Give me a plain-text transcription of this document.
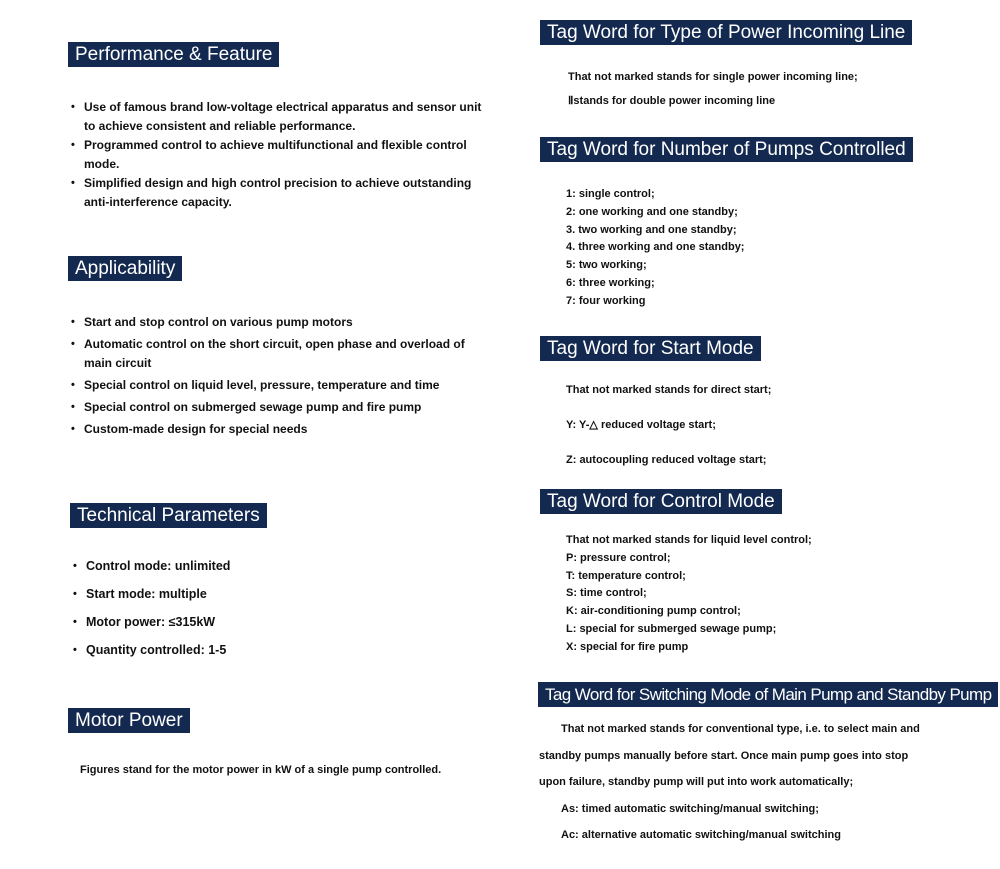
Performance & Feature
• Use of famous brand low-voltage electrical apparatus and sensor unit to achieve consistent and reliable performance.
• Programmed control to achieve multifunctional and flexible control mode.
• Simplified design and high control precision to achieve outstanding anti-interference capacity.
Applicability
• Start and stop control on various pump motors
• Automatic control on the short circuit, open phase and overload of main circuit
• Special control on liquid level, pressure, temperature and time
• Special control on submerged sewage pump and fire pump
• Custom-made design for special needs
Technical Parameters
• Control mode: unlimited
• Start mode: multiple
• Motor power: ≤315kW
• Quantity controlled: 1-5
Motor Power
Figures stand for the motor power in kW of a single pump controlled.
Tag Word for Type of Power Incoming Line
That not marked stands for single power incoming line;
Ⅱstands for double power incoming line
Tag Word for Number of Pumps Controlled
1: single control;
2: one working and one standby;
3. two working and one standby;
4. three working and one standby;
5: two working;
6: three working;
7: four working
Tag Word for Start Mode
That not marked stands for direct start;
Y: Y-△ reduced voltage start;
Z: autocoupling reduced voltage start;
Tag Word for Control Mode
That not marked stands for liquid level control;
P: pressure control;
T: temperature control;
S: time control;
K: air-conditioning pump control;
L: special for submerged sewage pump;
X: special for fire pump
Tag Word for Switching Mode of Main Pump and Standby Pump
That not marked stands for conventional type, i.e. to select main and
standby pumps manually before start. Once main pump goes into stop
upon failure, standby pump will put into work automatically;
As: timed automatic switching/manual switching;
Ac: alternative automatic switching/manual switching
